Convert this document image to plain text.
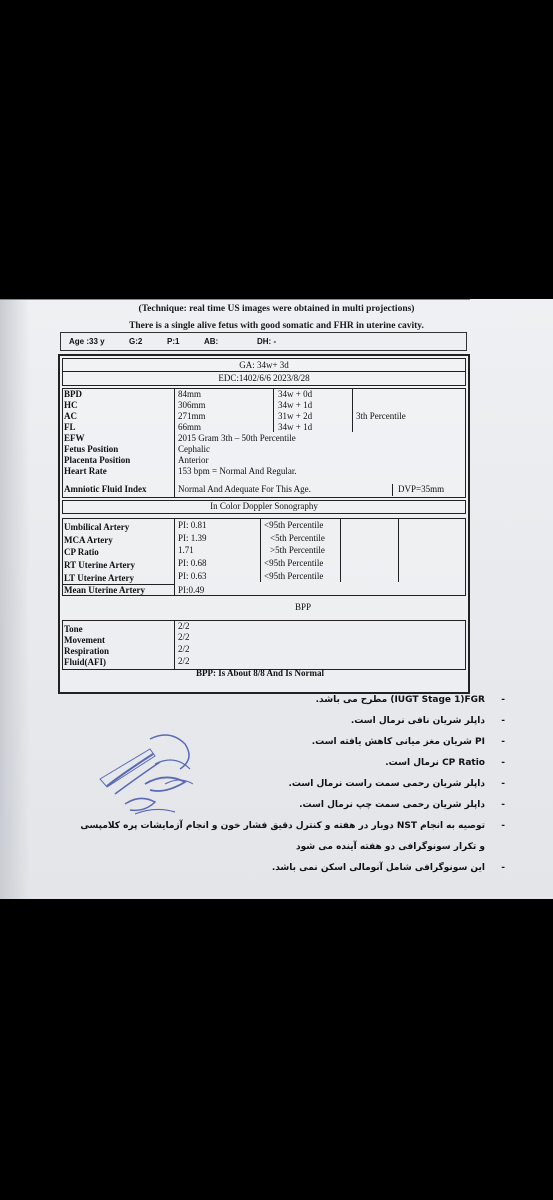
(Technique: real time US images were obtained in multi projections)
There is a single alive fetus with good somatic and FHR in uterine cavity.
Age :33 y	G:2	P:1	AB:	DH: -
GA: 34w+ 3d
EDC:1402/6/6 2023/8/28
BPD	84mm	34w + 0d
HC	306mm	34w + 1d
AC	271mm	31w + 2d	3th Percentile
FL	66mm	34w + 1d
EFW	2015 Gram 3th – 50th Percentile
Fetus Position	Cephalic
Placenta Position	Anterior
Heart Rate	153 bpm = Normal And Regular.
Amniotic Fluid Index	Normal And Adequate For This Age.	DVP=35mm
In Color Doppler Sonography
Umbilical Artery	PI: 0.81	<95th Percentile
MCA Artery	PI: 1.39	<5th Percentile
CP Ratio	1.71	>5th Percentile
RT Uterine Artery	PI: 0.68	<95th Percentile
LT Uterine Artery	PI: 0.63	<95th Percentile
Mean Uterine Artery	PI:0.49
BPP
Tone	2/2
Movement	2/2
Respiration	2/2
Fluid(AFI)	2/2
BPP: Is About 8/8 And Is Normal
-
IUGT Stage 1)FGR) مطرح می باشد.
-
داپلر شریان نافی نرمال است.
-
PI شریان مغز میانی کاهش یافته است.
-
CP Ratio نرمال است.
-
داپلر شریان رحمی سمت راست نرمال است.
-
داپلر شریان رحمی سمت چپ نرمال است.
-
توصیه به انجام NST دوبار در هفته و کنترل دقیق فشار خون و انجام آزمایشات پره کلامپسی
و تکرار سونوگرافی دو هفته آینده می شود
-
این سونوگرافی شامل آنومالی اسکن نمی باشد.
